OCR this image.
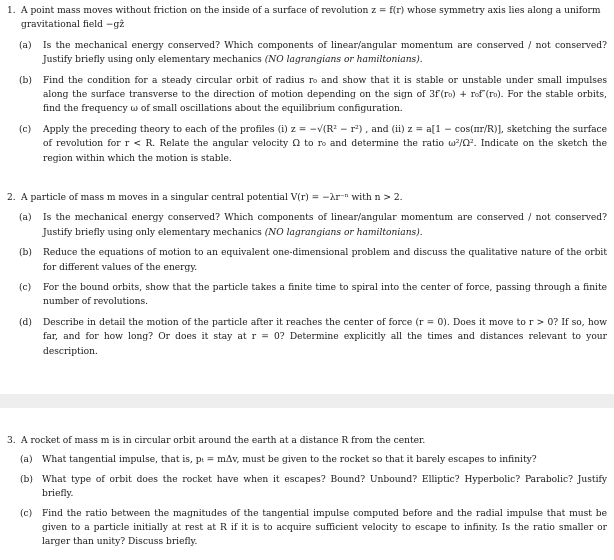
1. A point mass moves without friction on the inside of a surface of revolution z = f(r) whose symmetry axis lies along a uniform gravitational field −gẑ
(a)	Is the mechanical energy conserved? Which components of linear/angular momentum are conserved / not conserved? Justify briefly using only elementary mechanics (NO lagrangians or hamiltonians).
(b)	Find the condition for a steady circular orbit of radius r₀ and show that it is stable or unstable under small impulses along the surface transverse to the direction of motion depending on the sign of 3f′(r₀) + r₀f″(r₀). For the stable orbits, find the frequency ω of small oscillations about the equilibrium configuration.
(c)	Apply the preceding theory to each of the profiles (i) z = −√(R² − r²) , and (ii) z = a[1 − cos(πr/R)], sketching the surface of revolution for r < R. Relate the angular velocity Ω to r₀ and determine the ratio ω²/Ω². Indicate on the sketch the region within which the motion is stable.
2. A particle of mass m moves in a singular central potential V(r) = −λr⁻ⁿ with n > 2.
(a)	Is the mechanical energy conserved? Which components of linear/angular momentum are conserved / not conserved? Justify briefly using only elementary mechanics (NO lagrangians or hamiltonians).
(b)	Reduce the equations of motion to an equivalent one-dimensional problem and discuss the qualitative nature of the orbit for different values of the energy.
(c)	For the bound orbits, show that the particle takes a finite time to spiral into the center of force, passing through a finite number of revolutions.
(d)	Describe in detail the motion of the particle after it reaches the center of force (r = 0). Does it move to r > 0? If so, how far, and for how long? Or does it stay at r = 0? Determine explicitly all the times and distances relevant to your description.
3. A rocket of mass m is in circular orbit around the earth at a distance R from the center.
(a)	What tangential impulse, that is, pₜ = mΔv, must be given to the rocket so that it barely escapes to infinity?
(b) What type of orbit does the rocket have when it escapes? Bound? Unbound? Elliptic? Hyperbolic? Parabolic? Justify briefly.
(c)	Find the ratio between the magnitudes of the tangential impulse computed before and the radial impulse that must be given to a particle initially at rest at R if it is to acquire sufficient velocity to escape to infinity. Is the ratio smaller or larger than unity? Discuss briefly.
